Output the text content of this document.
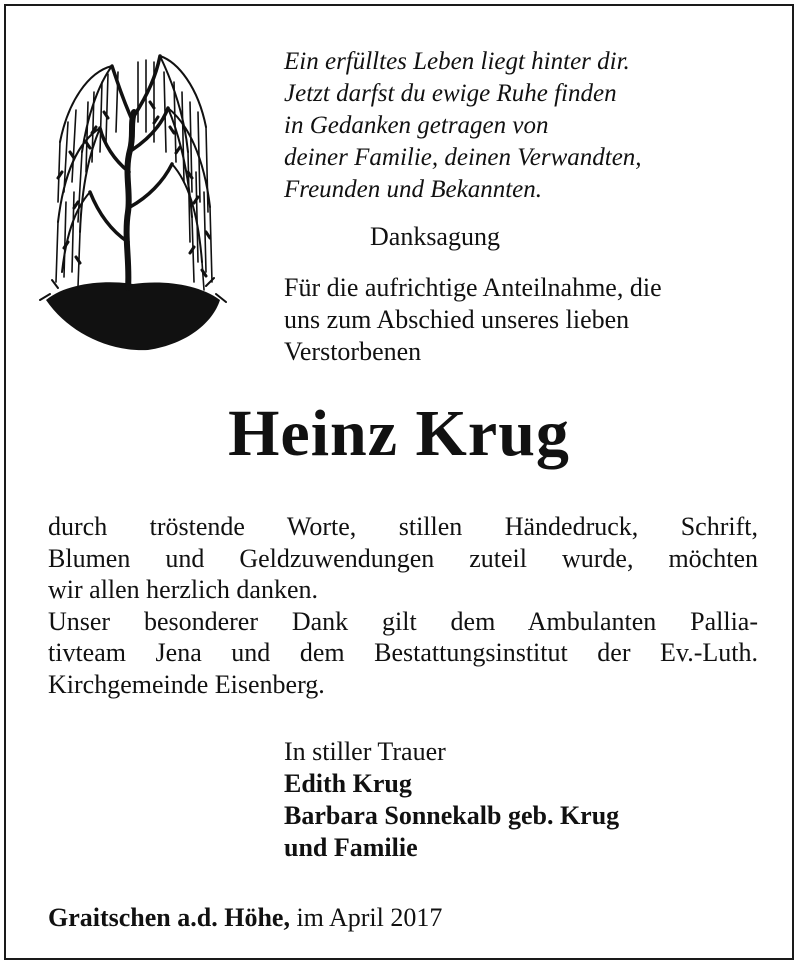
Ein erfülltes Leben liegt hinter dir.
Jetzt darfst du ewige Ruhe finden
in Gedanken getragen von
deiner Familie, deinen Verwandten,
Freunden und Bekannten.
Danksagung
Für die aufrichtige Anteilnahme, die
uns zum Abschied unseres lieben
Verstorbenen
Heinz Krug
durch tröstende Worte, stillen Händedruck, Schrift,
Blumen und Geldzuwendungen zuteil wurde, möchten
wir allen herzlich danken.
Unser besonderer Dank gilt dem Ambulanten Pallia-
tivteam Jena und dem Bestattungsinstitut der Ev.-Luth.
Kirchgemeinde Eisenberg.
In stiller Trauer
Edith Krug
Barbara Sonnekalb geb. Krug
und Familie
Graitschen a.d. Höhe, im April 2017
